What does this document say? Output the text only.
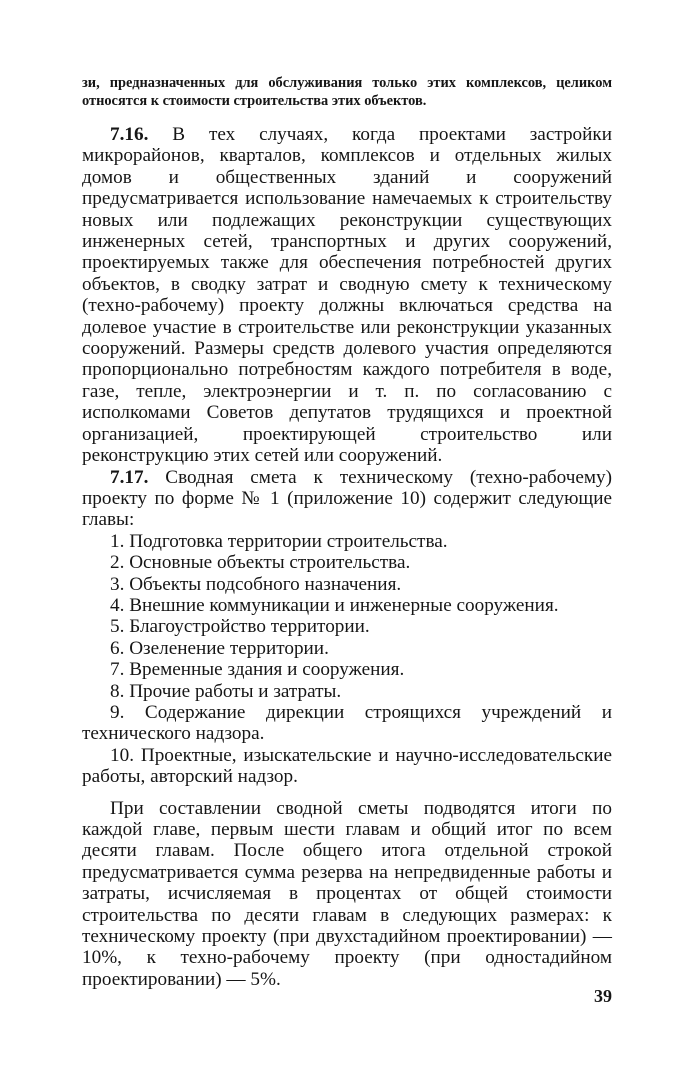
зи, предназначенных для обслуживания только этих комплексов, целиком относятся к стоимости строительства этих объектов.

7.16. В тех случаях, когда проектами застройки микрорайонов, кварталов, комплексов и отдельных жилых домов и общественных зданий и сооружений предусматривается использование намечаемых к строительству новых или подлежащих реконструкции существующих инженерных сетей, транспортных и других сооружений, проектируемых также для обеспечения потребностей других объектов, в сводку затрат и сводную смету к техническому (техно-рабочему) проекту должны включаться средства на долевое участие в строительстве или реконструкции указанных сооружений. Размеры средств долевого участия определяются пропорционально потребностям каждого потребителя в воде, газе, тепле, электроэнергии и т. п. по согласованию с исполкомами Советов депутатов трудящихся и проектной организацией, проектирующей строительство или реконструкцию этих сетей или сооружений.

7.17. Сводная смета к техническому (техно-рабочему) проекту по форме № 1 (приложение 10) содержит следующие главы:

1. Подготовка территории строительства.

2. Основные объекты строительства.

3. Объекты подсобного назначения.

4. Внешние коммуникации и инженерные сооружения.

5. Благоустройство территории.

6. Озеленение территории.

7. Временные здания и сооружения.

8. Прочие работы и затраты.

9. Содержание дирекции строящихся учреждений и технического надзора.

10. Проектные, изыскательские и научно-исследовательские работы, авторский надзор.

При составлении сводной сметы подводятся итоги по каждой главе, первым шести главам и общий итог по всем десяти главам. После общего итога отдельной строкой предусматривается сумма резерва на непредвиденные работы и затраты, исчисляемая в процентах от общей стоимости строительства по десяти главам в следующих размерах: к техническому проекту (при двухстадийном проектировании) — 10%, к техно-рабочему проекту (при одностадийном проектировании) — 5%.

39
